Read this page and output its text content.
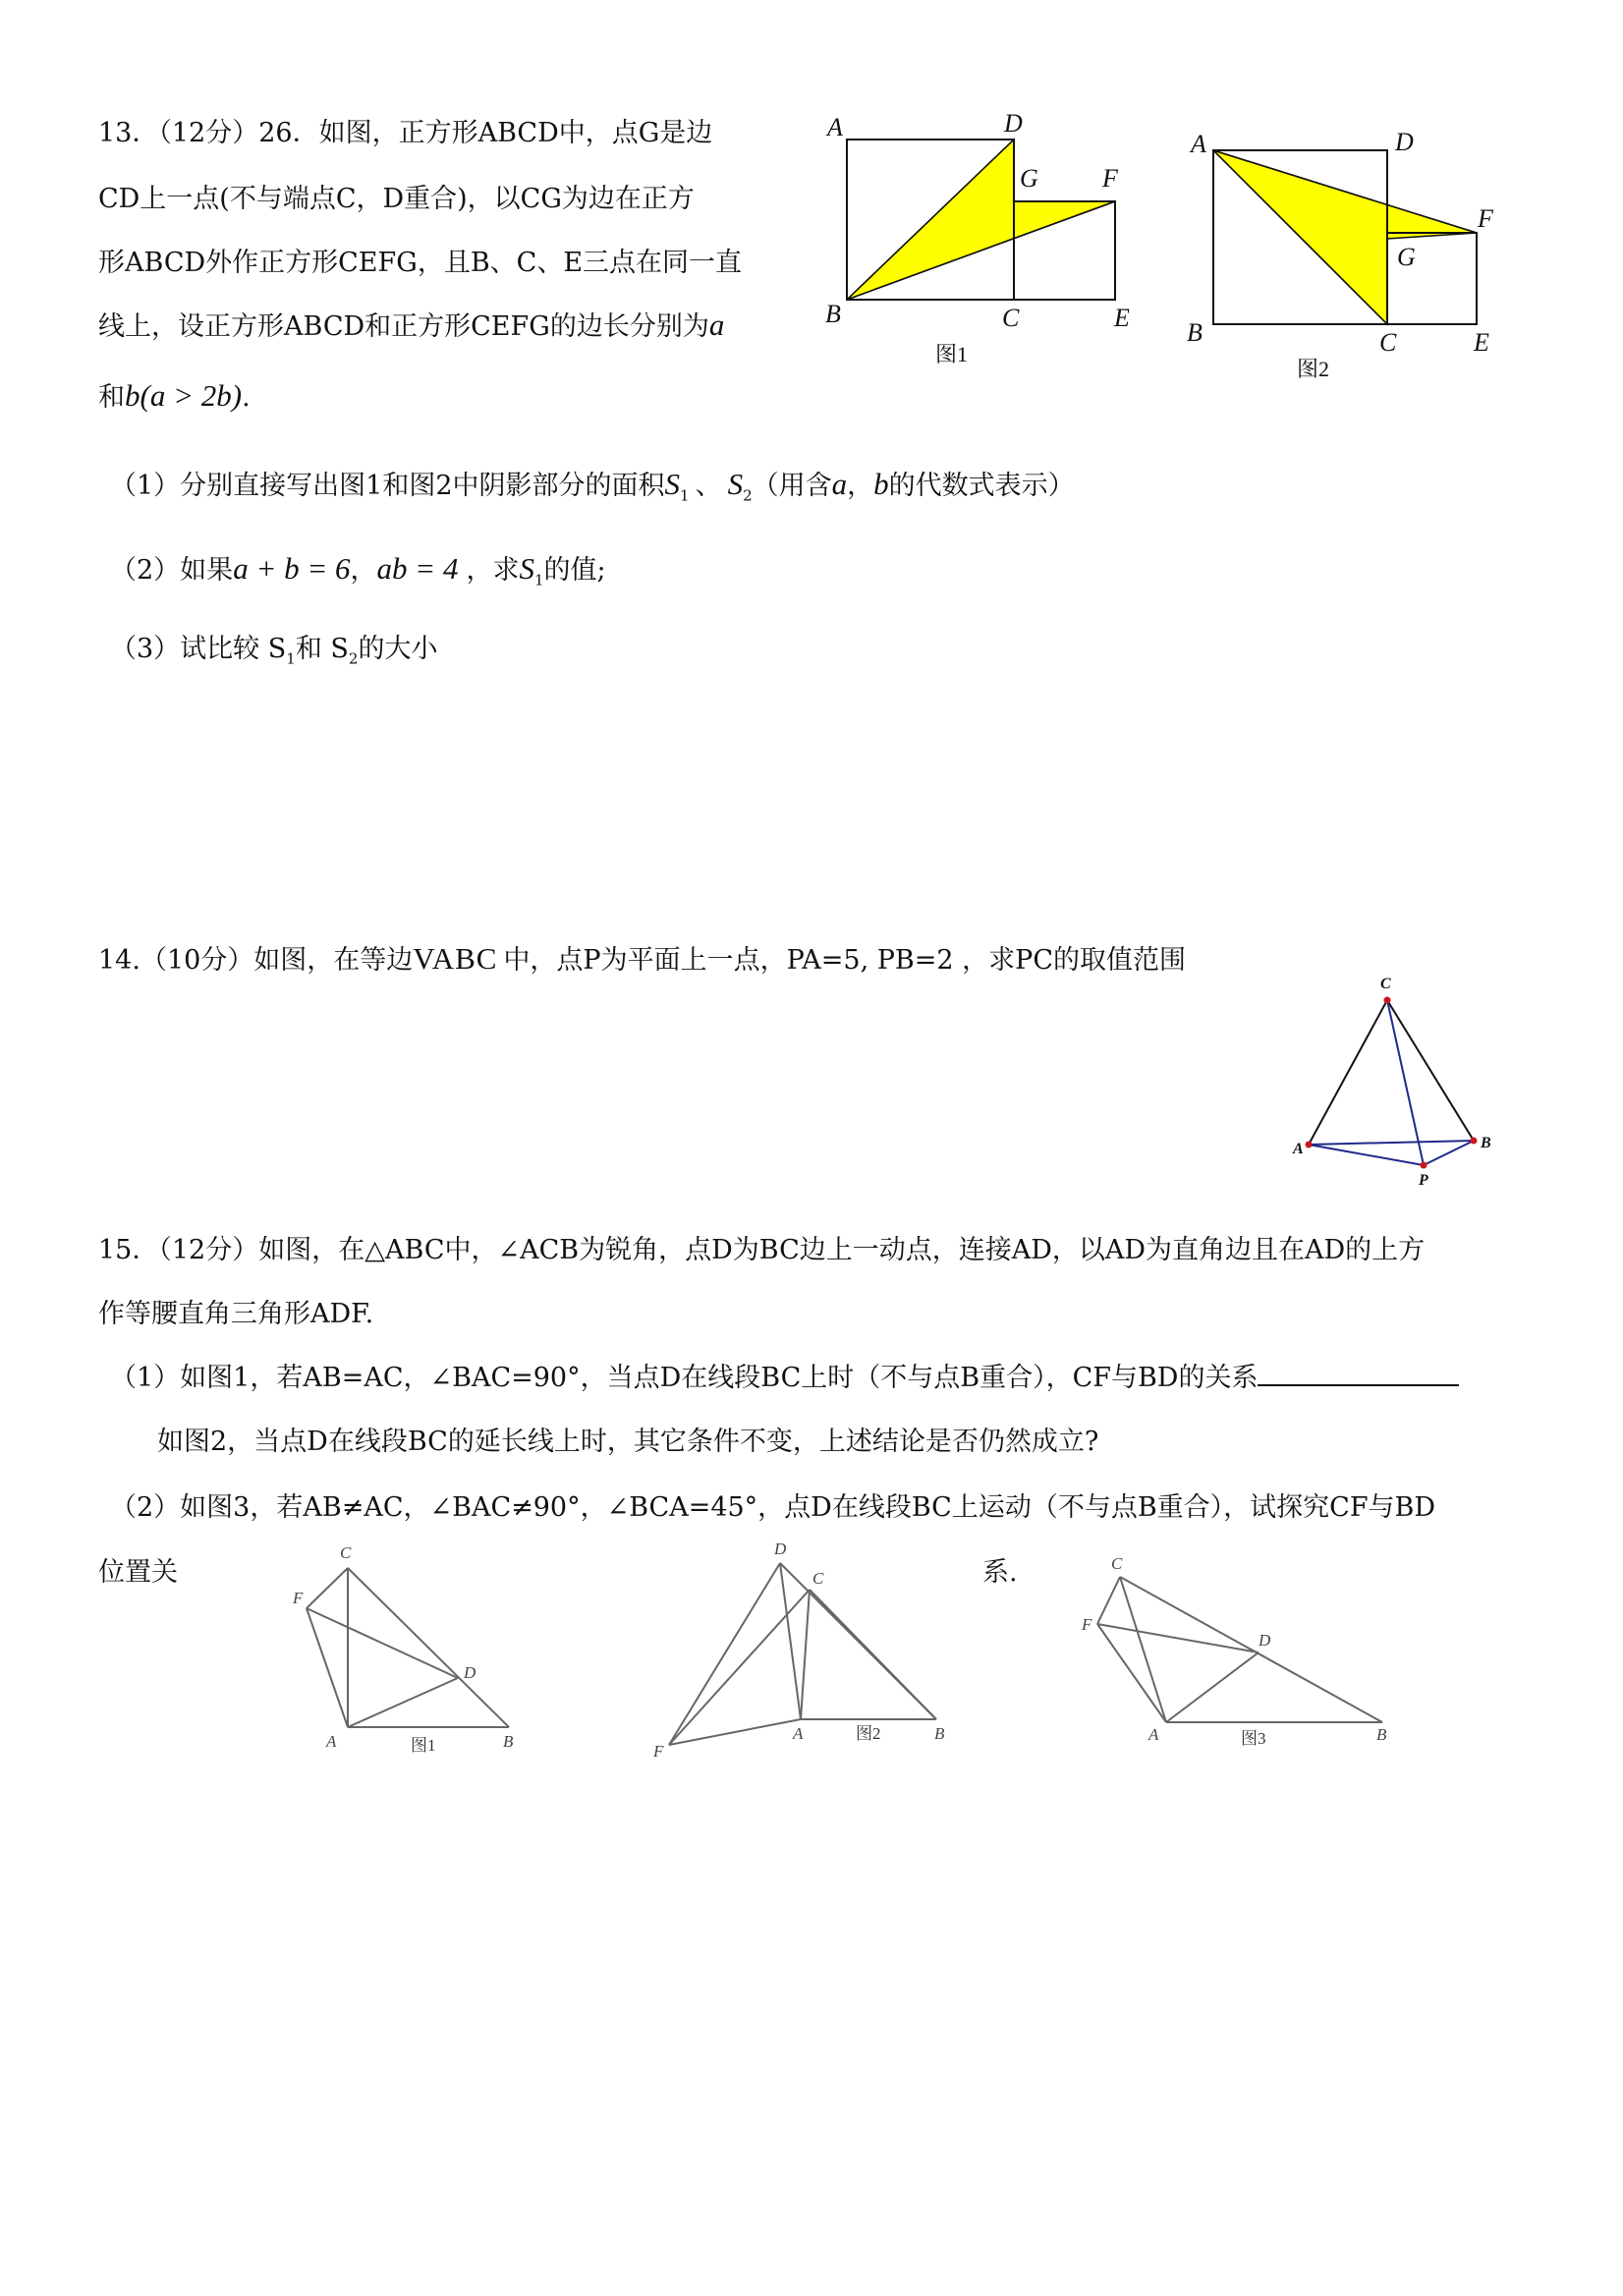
13．（12分）26．如图，正方形ABCD中，点G是边
CD上一点(不与端点C，D重合)，以CG为边在正方
形ABCD外作正方形CEFG，且B、C、E三点在同一直
线上，设正方形ABCD和正方形CEFG的边长分别为a
和b(a > 2b).
（1）分别直接写出图1和图2中阴影部分的面积$S_1$ 、 $S_2$（用含a，b的代数式表示）
（2）如果a + b = 6，ab = 4 ，求$S_1$的值;
（3）试比较 $S_1$和 $S_2$的大小
A	D
G	F
B	C	E
图1
A	D
F
G
B	C	E
图2
14.（10分）如图，在等边VABC 中，点P为平面上一点，PA=5, PB=2 ，求PC的取值范围
C
A	B
P
15．（12分）如图，在△ABC中，∠ACB为锐角，点D为BC边上一动点，连接AD，以AD为直角边且在AD的上方
作等腰直角三角形ADF.
（1）如图1，若AB=AC，∠BAC=90°，当点D在线段BC上时（不与点B重合），CF与BD的关系
如图2，当点D在线段BC的延长线上时，其它条件不变，上述结论是否仍然成立?
（2）如图3，若AB≠AC，∠BAC≠90°，∠BCA=45°，点D在线段BC上运动（不与点B重合），试探究CF与BD
位置关	系.
C
F
D
A	B
图1
D
C
A	B
F
图2
C
F
D
A	B
图3
